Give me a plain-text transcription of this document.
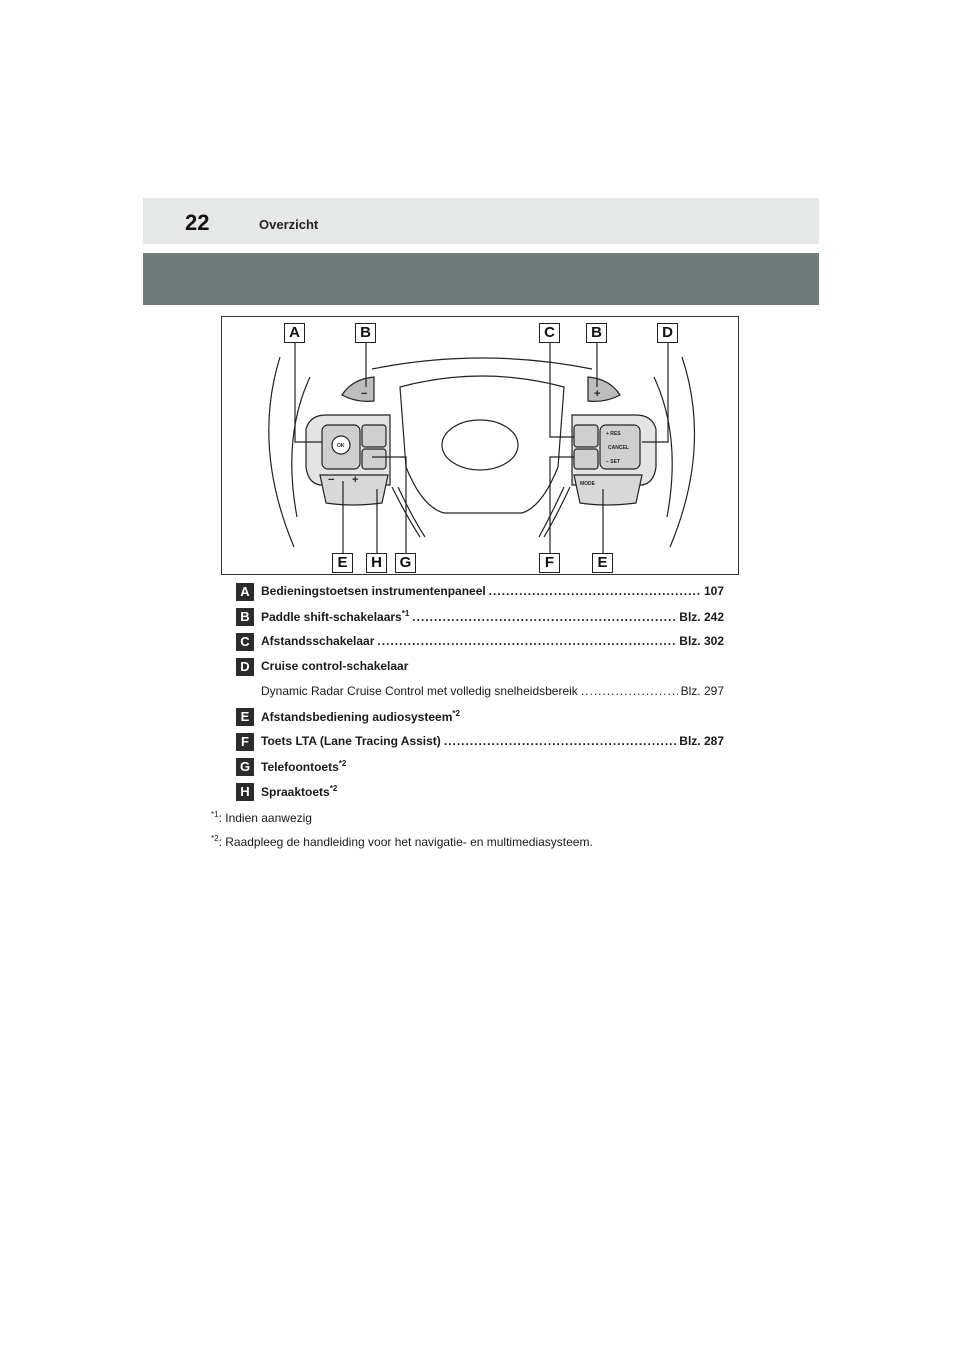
22	Overzicht
OK
+ RES
− SET
CANCEL
MODE
−	+
− +
A	B	C	B	D
E	H	G	F	E
A Bedieningstoetsen instrumentenpaneel .....	107
B Paddle shift-schakelaars$^{*1}$ .....	Blz. 242
C Afstandsschakelaar .....	Blz. 302
D Cruise control-schakelaar
Dynamic Radar Cruise Control met volledig snelheidsbereik .....	Blz. 297
E Afstandsbediening audiosysteem$^{*2}$
F	Toets LTA (Lane Tracing Assist) .....	Blz. 287
G Telefoontoets$^{*2}$
H Spraaktoets$^{*2}$
$^{*1}$: Indien aanwezig
$^{*2}$: Raadpleeg de handleiding voor het navigatie- en multimediasysteem.
